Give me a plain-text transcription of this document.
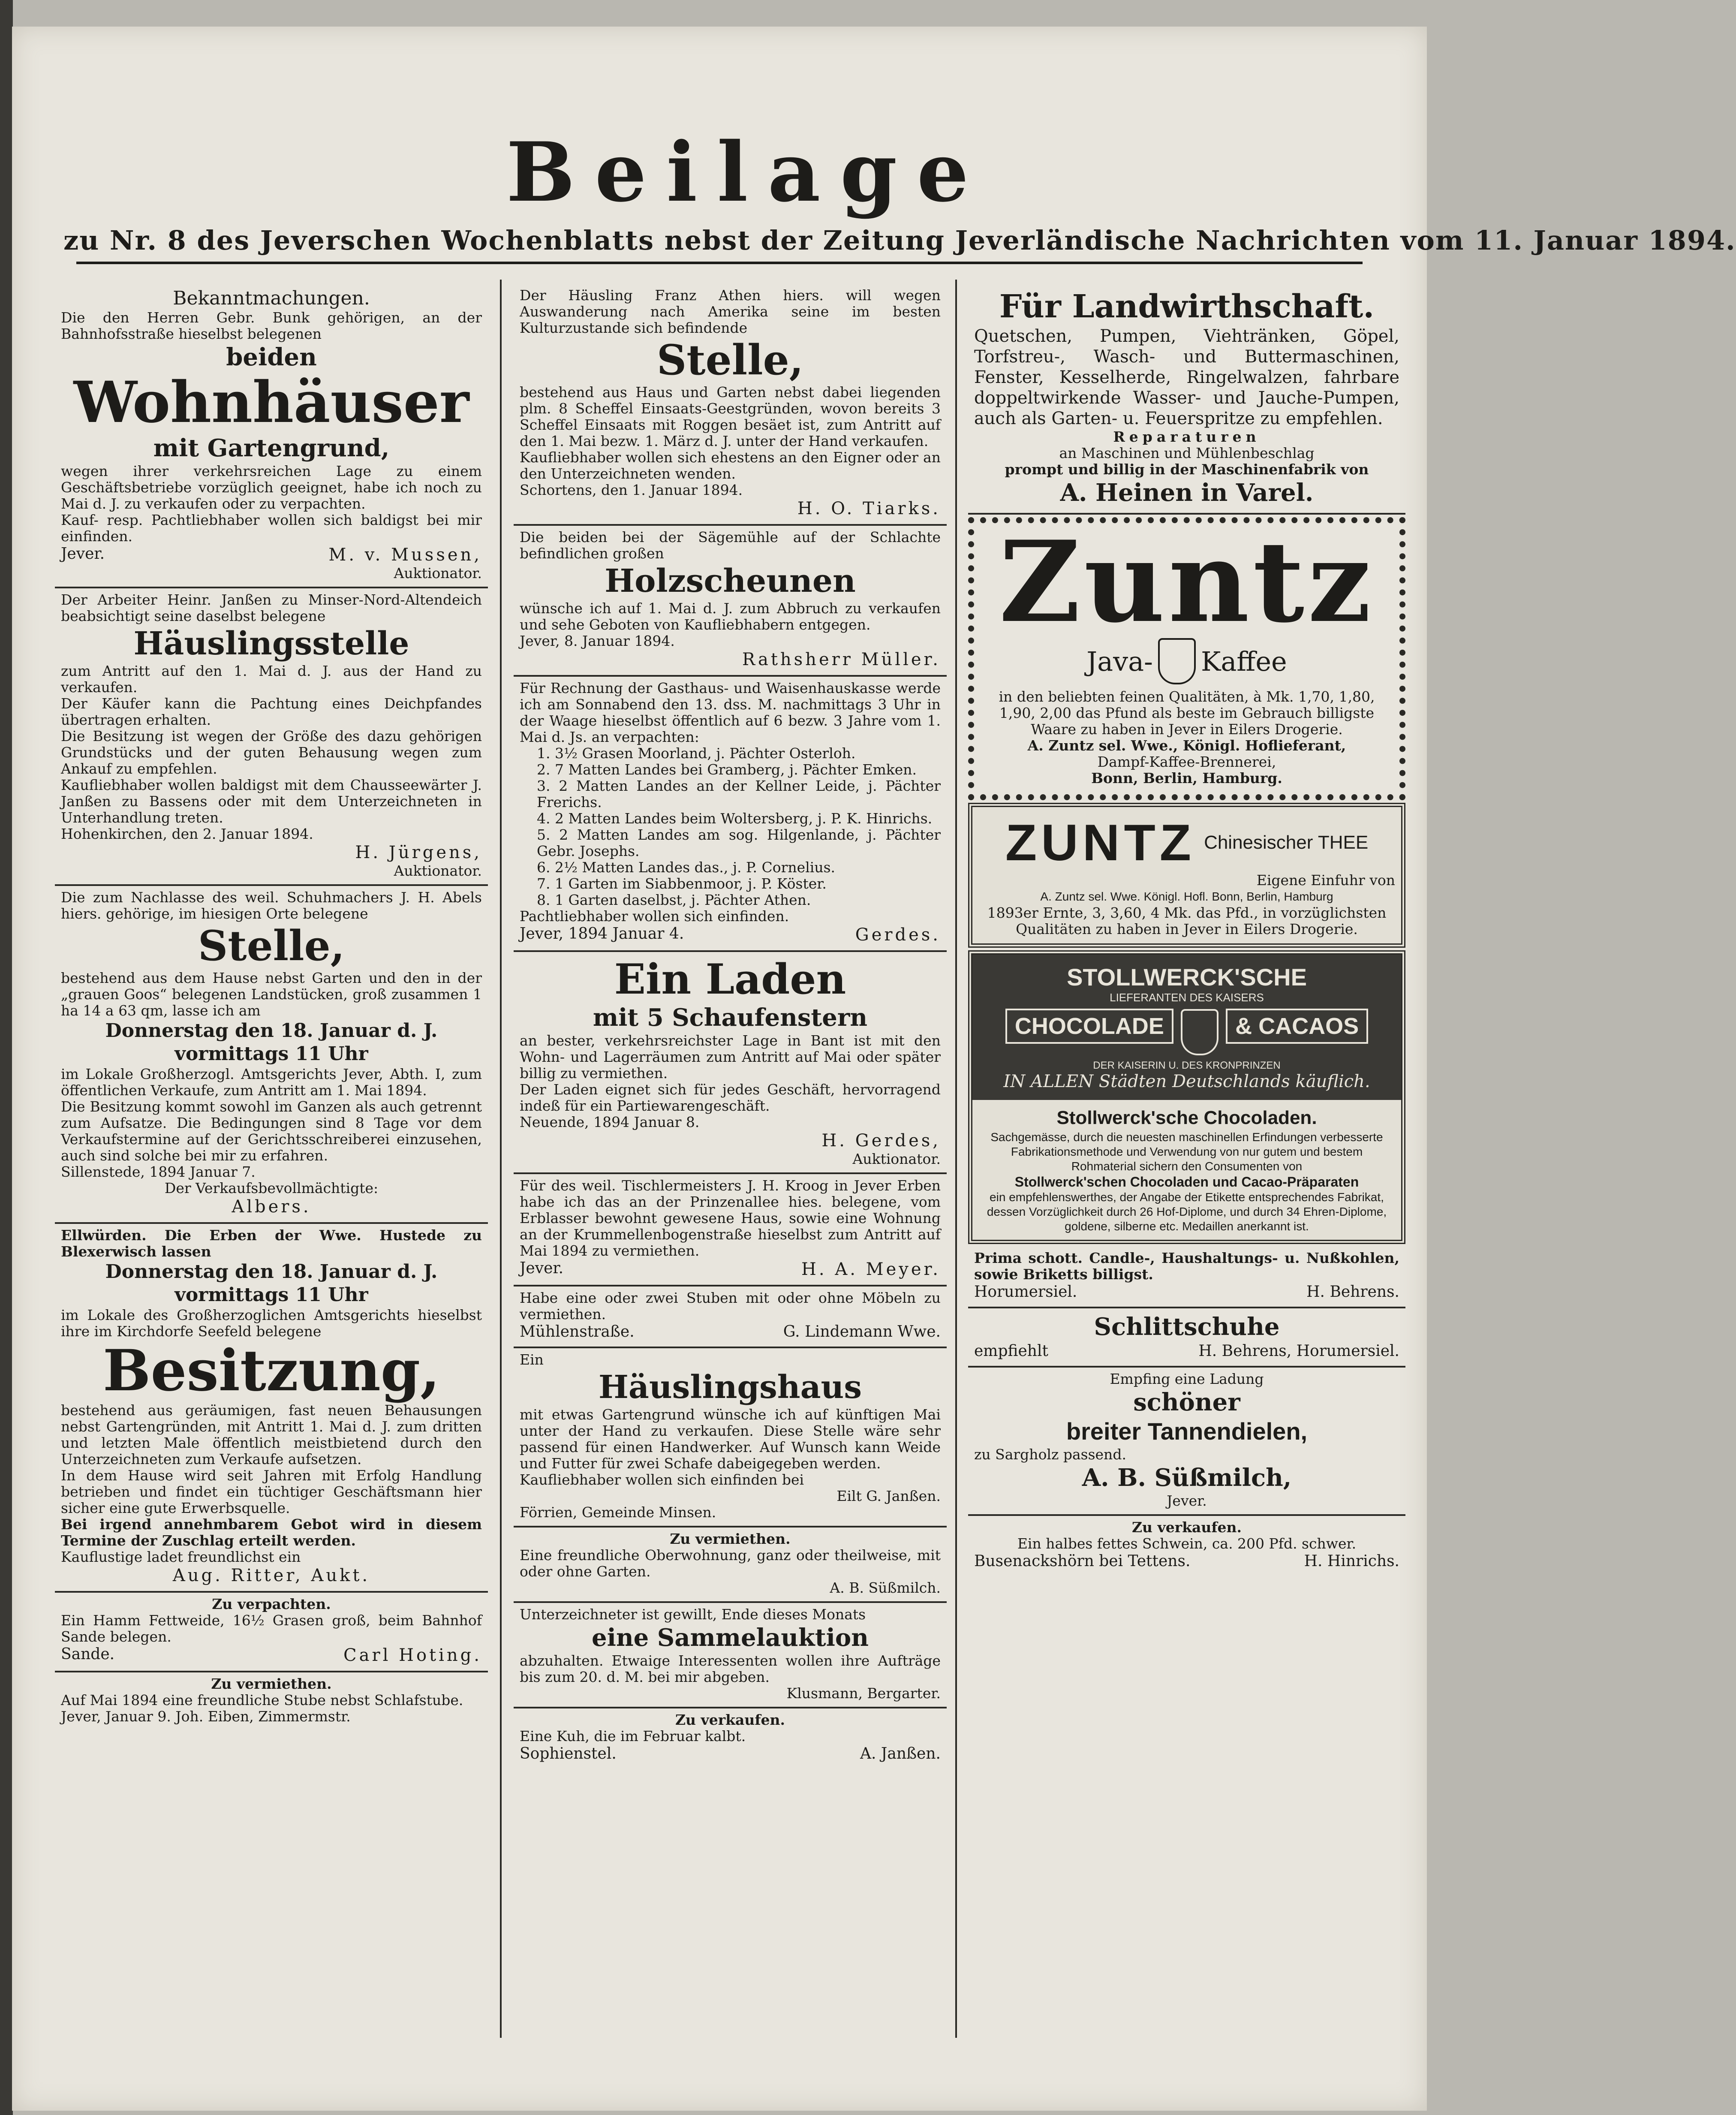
Beilage
zu Nr. 8 des Jeverschen Wochenblatts nebst der Zeitung Jeverländische Nachrichten vom 11. Januar 1894.

Bekanntmachungen.

Die den Herren Gebr. Bunk gehörigen, an der Bahnhofsstraße hieselbst belegenen

beiden

Wohnhäuser

mit Gartengrund,

wegen ihrer verkehrsreichen Lage zu einem Geschäftsbetriebe vorzüglich geeignet, habe ich noch zu Mai d. J. zu verkaufen oder zu verpachten.

Kauf- resp. Pachtliebhaber wollen sich baldigst bei mir einfinden.

Jever.	M. v. Mussen,

Auktionator.

Der Arbeiter Heinr. Janßen zu Minser-Nord-Altendeich beabsichtigt seine daselbst belegene

Häuslingsstelle

zum Antritt auf den 1. Mai d. J. aus der Hand zu verkaufen.

Der Käufer kann die Pachtung eines Deichpfandes übertragen erhalten.

Die Besitzung ist wegen der Größe des dazu gehörigen Grundstücks und der guten Behausung wegen zum Ankauf zu empfehlen.

Kaufliebhaber wollen baldigst mit dem Chausseewärter J. Janßen zu Bassens oder mit dem Unterzeichneten in Unterhandlung treten.

Hohenkirchen, den 2. Januar 1894.

H. Jürgens,

Auktionator.

Die zum Nachlasse des weil. Schuhmachers J. H. Abels hiers. gehörige, im hiesigen Orte belegene

Stelle,

bestehend aus dem Hause nebst Garten und den in der „grauen Goos“ belegenen Landstücken, groß zusammen 1 ha 14 a 63 qm, lasse ich am

Donnerstag den 18. Januar d. J.

vormittags 11 Uhr

im Lokale Großherzogl. Amtsgerichts Jever, Abth. I, zum öffentlichen Verkaufe, zum Antritt am 1. Mai 1894.

Die Besitzung kommt sowohl im Ganzen als auch getrennt zum Aufsatze. Die Bedingungen sind 8 Tage vor dem Verkaufstermine auf der Gerichtsschreiberei einzusehen, auch sind solche bei mir zu erfahren.

Sillenstede, 1894 Januar 7.

Der Verkaufsbevollmächtigte:

Albers.

Ellwürden. Die Erben der Wwe. Hustede zu Blexerwisch lassen

Donnerstag den 18. Januar d. J.

vormittags 11 Uhr

im Lokale des Großherzoglichen Amtsgerichts hieselbst ihre im Kirchdorfe Seefeld belegene

Besitzung,

bestehend aus geräumigen, fast neuen Behausungen nebst Gartengründen, mit Antritt 1. Mai d. J. zum dritten und letzten Male öffentlich meistbietend durch den Unterzeichneten zum Verkaufe aufsetzen.

In dem Hause wird seit Jahren mit Erfolg Handlung betrieben und findet ein tüchtiger Geschäftsmann hier sicher eine gute Erwerbsquelle.

Bei irgend annehmbarem Gebot wird in diesem Termine der Zuschlag erteilt werden.

Kauflustige ladet freundlichst ein

Aug. Ritter, Aukt.

Zu verpachten.

Ein Hamm Fettweide, 16½ Grasen groß, beim Bahnhof Sande belegen.

Sande.	Carl Hoting.

Zu vermiethen.

Auf Mai 1894 eine freundliche Stube nebst Schlafstube.

Jever, Januar 9. Joh. Eiben, Zimmermstr.

Der Häusling Franz Athen hiers. will wegen Auswanderung nach Amerika seine im besten Kulturzustande sich befindende

Stelle,

bestehend aus Haus und Garten nebst dabei liegenden plm. 8 Scheffel Einsaats-Geestgründen, wovon bereits 3 Scheffel Einsaats mit Roggen besäet ist, zum Antritt auf den 1. Mai bezw. 1. März d. J. unter der Hand verkaufen.

Kaufliebhaber wollen sich ehestens an den Eigner oder an den Unterzeichneten wenden.

Schortens, den 1. Januar 1894.

H. O. Tiarks.

Die beiden bei der Sägemühle auf der Schlachte befindlichen großen

Holzscheunen

wünsche ich auf 1. Mai d. J. zum Abbruch zu verkaufen und sehe Geboten von Kaufliebhabern entgegen.

Jever, 8. Januar 1894.

Rathsherr Müller.

Für Rechnung der Gasthaus- und Waisenhauskasse werde ich am Sonnabend den 13. dss. M. nachmittags 3 Uhr in der Waage hieselbst öffentlich auf 6 bezw. 3 Jahre vom 1. Mai d. Js. an verpachten:

1. 3½ Grasen Moorland, j. Pächter Osterloh.

2. 7 Matten Landes bei Gramberg, j. Pächter Emken.

3. 2 Matten Landes an der Kellner Leide, j. Pächter Frerichs.

4. 2 Matten Landes beim Woltersberg, j. P. K. Hinrichs.

5. 2 Matten Landes am sog. Hilgenlande, j. Pächter Gebr. Josephs.

6. 2½ Matten Landes das., j. P. Cornelius.

7. 1 Garten im Siabbenmoor, j. P. Köster.

8. 1 Garten daselbst, j. Pächter Athen.

Pachtliebhaber wollen sich einfinden.

Jever, 1894 Januar 4.	Gerdes.

Ein Laden

mit 5 Schaufenstern

an bester, verkehrsreichster Lage in Bant ist mit den Wohn- und Lagerräumen zum Antritt auf Mai oder später billig zu vermiethen.

Der Laden eignet sich für jedes Geschäft, hervorragend indeß für ein Partiewarengeschäft.

Neuende, 1894 Januar 8.

H. Gerdes,

Auktionator.

Für des weil. Tischlermeisters J. H. Kroog in Jever Erben habe ich das an der Prinzenallee hies. belegene, vom Erblasser bewohnt gewesene Haus, sowie eine Wohnung an der Krummellenbogenstraße hieselbst zum Antritt auf Mai 1894 zu vermiethen.

Jever.	H. A. Meyer.

Habe eine oder zwei Stuben mit oder ohne Möbeln zu vermiethen.

Mühlenstraße.	G. Lindemann Wwe.

Ein

Häuslingshaus

mit etwas Gartengrund wünsche ich auf künftigen Mai unter der Hand zu verkaufen. Diese Stelle wäre sehr passend für einen Handwerker. Auf Wunsch kann Weide und Futter für zwei Schafe dabeigegeben werden.

Kaufliebhaber wollen sich einfinden bei

Eilt G. Janßen.

Förrien, Gemeinde Minsen.

Zu vermiethen.

Eine freundliche Oberwohnung, ganz oder theilweise, mit oder ohne Garten.

A. B. Süßmilch.

Unterzeichneter ist gewillt, Ende dieses Monats

eine Sammelauktion

abzuhalten. Etwaige Interessenten wollen ihre Aufträge bis zum 20. d. M. bei mir abgeben.

Klusmann, Bergarter.

Zu verkaufen.

Eine Kuh, die im Februar kalbt.

Sophienstel.	A. Janßen.

Für Landwirthschaft.

Quetschen, Pumpen, Viehtränken, Göpel, Torfstreu-, Wasch- und Buttermaschinen, Fenster, Kesselherde, Ringelwalzen, fahrbare doppeltwirkende Wasser- und Jauche-Pumpen, auch als Garten- u. Feuerspritze zu empfehlen.

Reparaturen

an Maschinen und Mühlenbeschlag

prompt und billig in der Maschinenfabrik von

A. Heinen in Varel.

Zuntz
Java- Kaffee

in den beliebten feinen Qualitäten, à Mk. 1,70, 1,80, 1,90, 2,00 das Pfund als beste im Gebrauch billigste Waare zu haben in Jever in Eilers Drogerie.

A. Zuntz sel. Wwe., Königl. Hoflieferant,

Dampf-Kaffee-Brennerei,

Bonn, Berlin, Hamburg.

ZUNTZ Chinesischer THEE

Eigene Einfuhr von

A. Zuntz sel. Wwe. Königl. Hofl. Bonn, Berlin, Hamburg

1893er Ernte, 3, 3,60, 4 Mk. das Pfd., in vorzüglichsten Qualitäten zu haben in Jever in Eilers Drogerie.

STOLLWERCK'SCHE
LIEFERANTEN DES KAISERS
CHOCOLADE	& CACAOS
DER KAISERIN U. DES KRONPRINZEN
IN ALLEN Städten Deutschlands käuflich.

Stollwerck'sche Chocoladen.

Sachgemässe, durch die neuesten maschinellen Erfindungen verbesserte Fabrikationsmethode und Verwendung von nur gutem und bestem Rohmaterial sichern den Consumenten von

Stollwerck'schen Chocoladen und Cacao-Präparaten

ein empfehlenswerthes, der Angabe der Etikette entsprechendes Fabrikat, dessen Vorzüglichkeit durch 26 Hof-Diplome, und durch 34 Ehren-Diplome, goldene, silberne etc. Medaillen anerkannt ist.

Prima schott. Candle-, Haushaltungs- u. Nußkohlen, sowie Briketts billigst.

Horumersiel.	H. Behrens.

Schlittschuhe

empfiehlt	H. Behrens, Horumersiel.

Empfing eine Ladung

schöner

breiter Tannendielen,

zu Sargholz passend.

A. B. Süßmilch,

Jever.

Zu verkaufen.

Ein halbes fettes Schwein, ca. 200 Pfd. schwer.

Busenackshörn bei Tettens.	H. Hinrichs.
